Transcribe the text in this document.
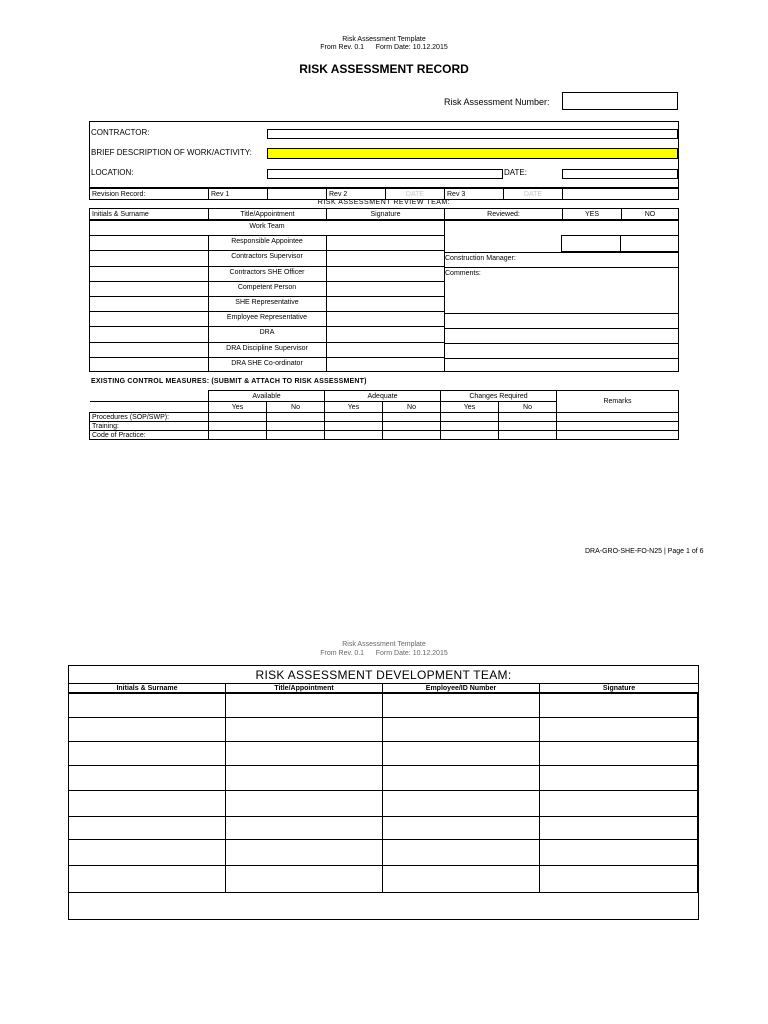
Risk Assessment Template
From Rev. 0.1      Form Date: 10.12.2015
RISK ASSESSMENT RECORD
Risk Assessment Number:
CONTRACTOR:
BRIEF DESCRIPTION OF WORK/ACTIVITY:
LOCATION:	DATE:
Revision Record:	Rev 1		Rev 2	DATE	Rev 3	DATE	
RISK ASSESSMENT REVIEW TEAM:
Initials & Surname	Title/Appointment	Signature	Reviewed:	YES	NO
Work Team
Responsible Appointee
Contractors Supervisor
Contractors SHE Officer
Competent Person
SHE Representative
Employee Representative
DRA
DRA Discipline Supervisor
DRA SHE Co-ordinator
Construction Manager:
Comments:
EXISTING CONTROL MEASURES: (SUBMIT & ATTACH TO RISK ASSESSMENT)
	Available		Adequate		Changes Required		Remarks
	Yes	No	Yes	No	Yes	No	
Procedures (SOP/SWP):							
Training:							
Code of Practice:							
DRA-GRO-SHE-FO-N25 | Page 1 of 6
Risk Assessment Template
From Rev. 0.1      Form Date: 10.12.2015
RISK ASSESSMENT DEVELOPMENT TEAM:
Initials & Surname	Title/Appointment	Employee/ID Number	Signature
